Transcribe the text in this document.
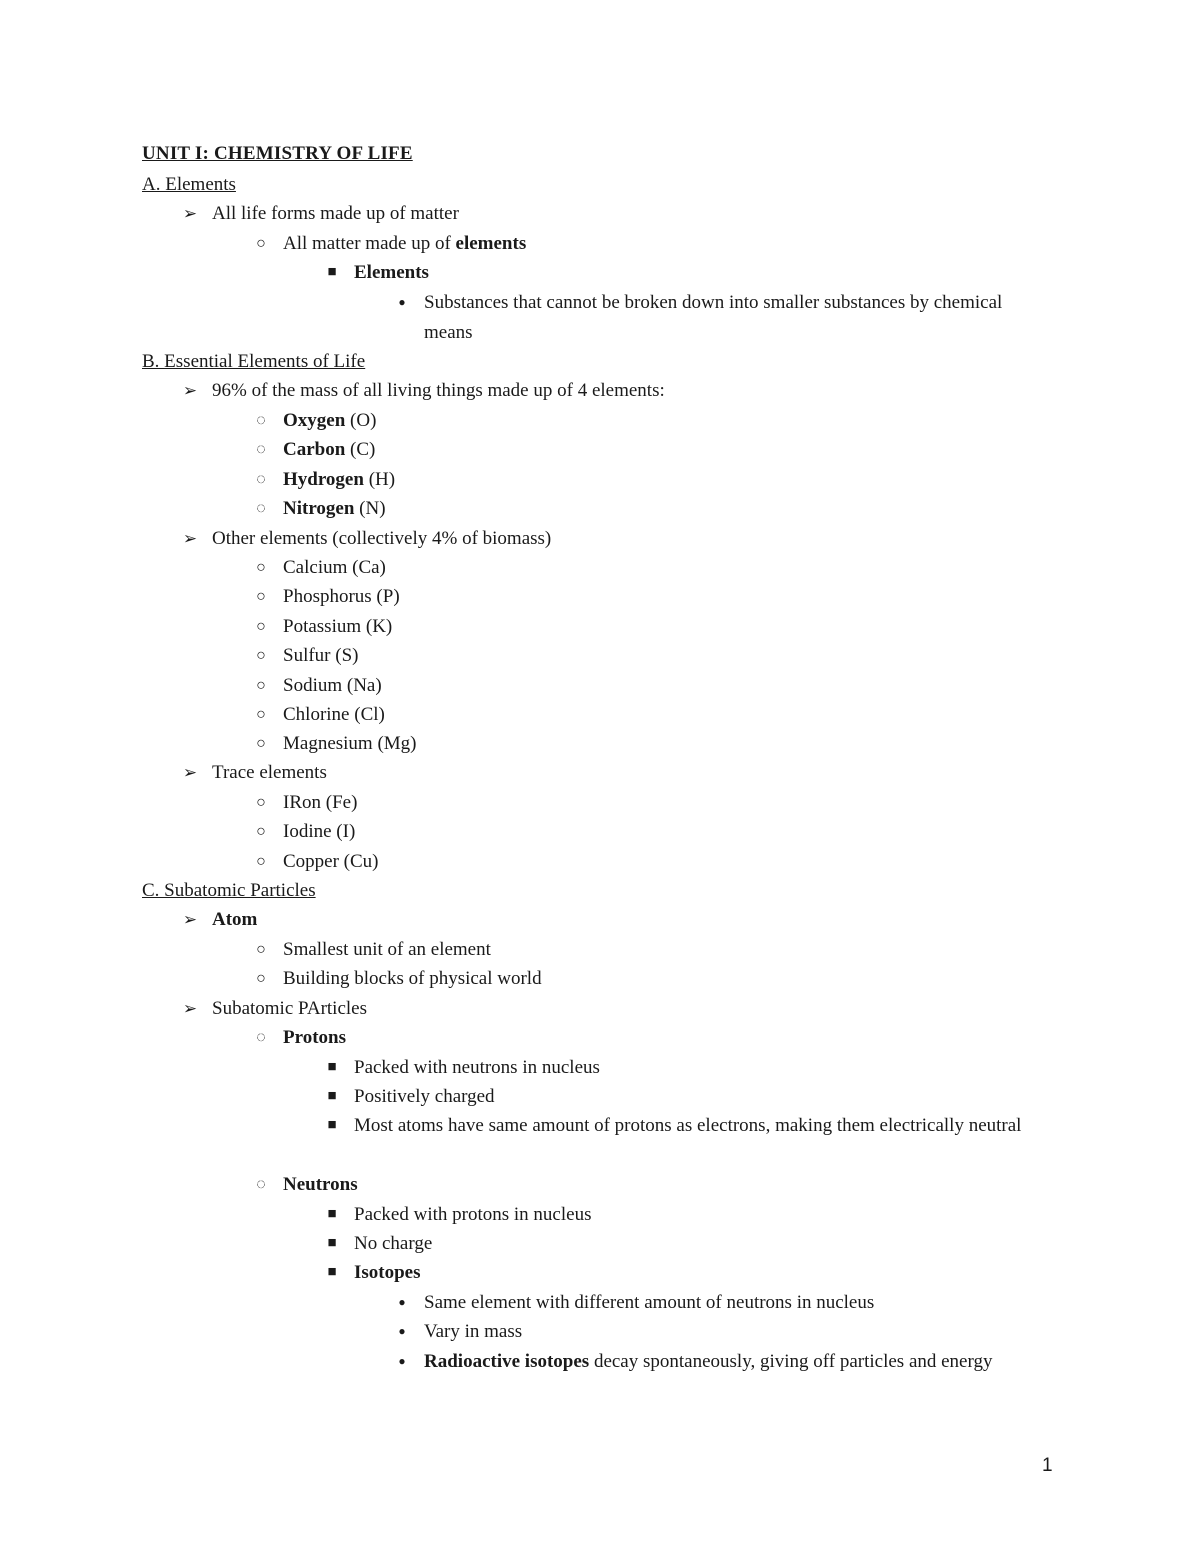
UNIT I: CHEMISTRY OF LIFE
A. Elements
➢ All life forms made up of matter
○ All matter made up of elements
■ Elements
● Substances that cannot be broken down into smaller substances by chemical means
B. Essential Elements of Life
➢ 96% of the mass of all living things made up of 4 elements:
◌ Oxygen (O)
◌ Carbon (C)
◌ Hydrogen (H)
◌ Nitrogen (N)
➢ Other elements (collectively 4% of biomass)
○ Calcium (Ca)
○ Phosphorus (P)
○ Potassium (K)
○ Sulfur (S)
○ Sodium (Na)
○ Chlorine (Cl)
○ Magnesium (Mg)
➢ Trace elements
○ IRon (Fe)
○ Iodine (I)
○ Copper (Cu)
C. Subatomic Particles
➢ Atom
○ Smallest unit of an element
○ Building blocks of physical world
➢ Subatomic PArticles
◌ Protons
■ Packed with neutrons in nucleus
■ Positively charged
■ Most atoms have same amount of protons as electrons, making them electrically neutral
◌ Neutrons
■ Packed with protons in nucleus
■ No charge
■ Isotopes
● Same element with different amount of neutrons in nucleus
● Vary in mass
● Radioactive isotopes decay spontaneously, giving off particles and energy
1
